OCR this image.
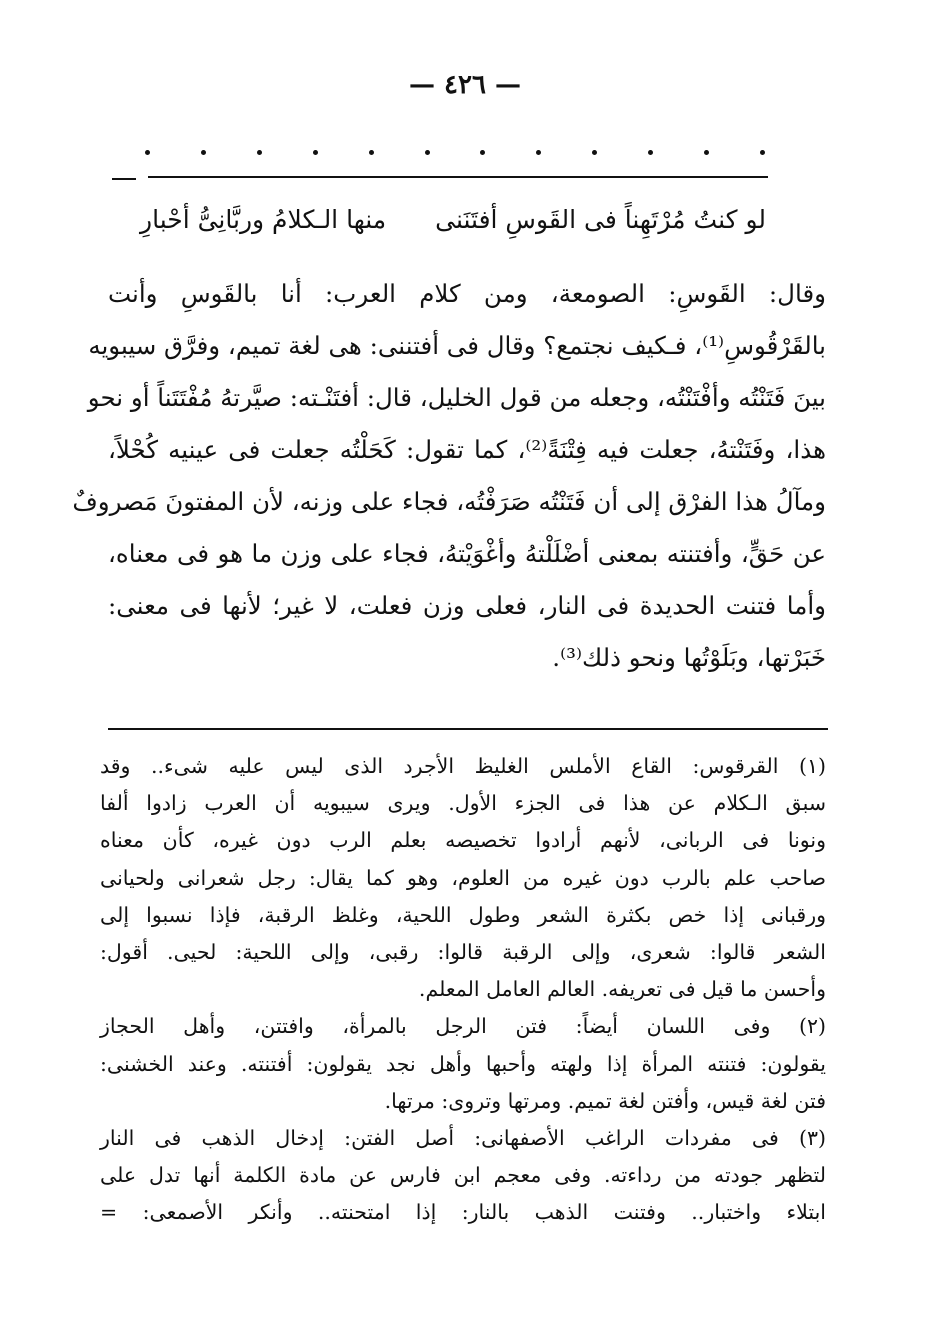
— ٤٢٦ —
لو كنتُ مُرْتَهِناً فى القَوسِ أفتَنَنى
منها الـكلامُ وربَّانِىُّ أحْبارِ
وقال: القَوسِ: الصومعة، ومن كلام العرب: أنا بالقَوسِ وأنت
بالقَرْقُوسِ⁽¹⁾، فـكيف نجتمع؟ وقال فى أفتننى: هى لغة تميم، وفرَّق سيبويه
بينَ فَتَنْتُه وأفْتَنْتُه، وجعله من قول الخليل، قال: أفتَنْـته: صيَّرتهُ مُفْتَتَناً أو نحو
هذا، وفَتَنْتهُ، جعلت فيه فِتْنَةً⁽²⁾، كما تقول: كَحَلْتُه جعلت فى عينيه كُحْلاً،
ومآلُ هذا الفرْق إلى أن فَتَنْتُه صَرَفْتُه، فجاء على وزنه، لأن المفتونَ مَصروفٌ
عن حَقٍّ، وأفتنته بمعنى أضْلَلْتهُ وأغْوَيْتهُ، فجاء على وزن ما هو فى معناه،
وأما فتنت الحديدة فى النار، فعلى وزن فعلت، لا غير؛ لأنها فى معنى:
خَبَرْتها، وبَلَوْتُها ونحو ذلك⁽³⁾.
(١) القرقوس: القاع الأملس الغليظ الأجرد الذى ليس عليه شىء.. وقد
سبق الـكلام عن هذا فى الجزء الأول. ويرى سيبويه أن العرب زادوا ألفا
ونونا فى الربانى، لأنهم أرادوا تخصيصه بعلم الرب دون غيره، كأن معناه
صاحب علم بالرب دون غيره من العلوم، وهو كما يقال: رجل شعرانى ولحيانى
ورقبانى إذا خص بكثرة الشعر وطول اللحية، وغلظ الرقبة، فإذا نسبوا إلى
الشعر قالوا: شعرى، وإلى الرقبة قالوا: رقبى، وإلى اللحية: لحيى. أقول:
وأحسن ما قيل فى تعريفه. العالم العامل المعلم.
(٢) وفى اللسان أيضاً: فتن الرجل بالمرأة، وافتتن، وأهل الحجاز
يقولون: فتنته المرأة إذا ولهته وأحبها وأهل نجد يقولون: أفتنته. وعند الخشنى:
فتن لغة قيس، وأفتن لغة تميم. ومرتها وتروى: مرتها.
(٣) فى مفردات الراغب الأصفهانى: أصل الفتن: إدخال الذهب فى النار
لتظهر جودته من رداءته. وفى معجم ابن فارس عن مادة الكلمة أنها تدل على
ابتلاء واختبار.. وفتنت الذهب بالنار: إذا امتحنته.. وأنكر الأصمعى: =
